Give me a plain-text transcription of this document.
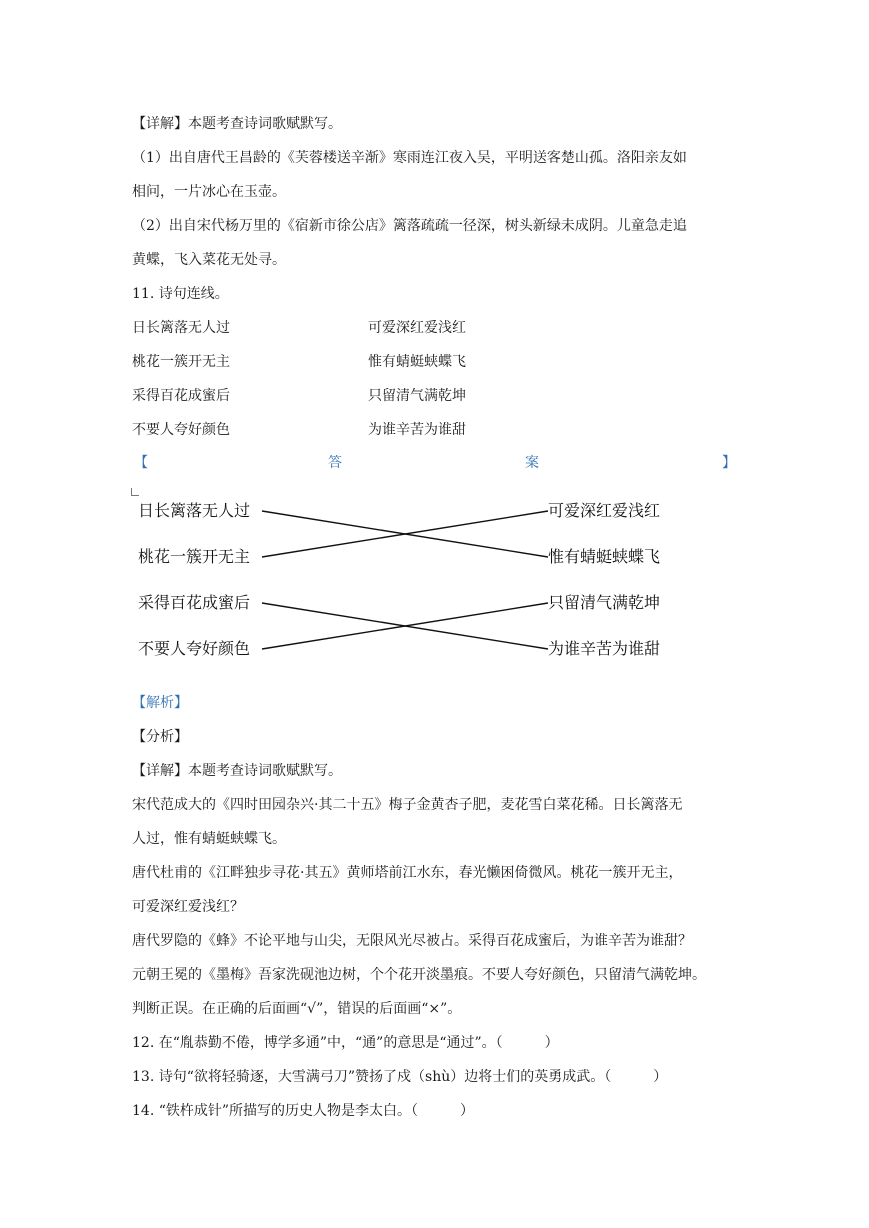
【详解】本题考查诗词歌赋默写。
（1）出自唐代王昌龄的《芙蓉楼送辛渐》寒雨连江夜入吴，平明送客楚山孤。洛阳亲友如
相问，一片冰心在玉壶。
（2）出自宋代杨万里的《宿新市徐公店》篱落疏疏一径深，树头新绿未成阴。儿童急走追
黄蝶，飞入菜花无处寻。
11. 诗句连线。
日长篱落无人过	可爱深红爱浅红
桃花一簇开无主	惟有蜻蜓蛱蝶飞
采得百花成蜜后	只留清气满乾坤
不要人夸好颜色	为谁辛苦为谁甜
【	答	案	】
日长篱落无人过
桃花一簇开无主
采得百花成蜜后
不要人夸好颜色
可爱深红爱浅红
惟有蜻蜓蛱蝶飞
只留清气满乾坤
为谁辛苦为谁甜
【解析】
【分析】
【详解】本题考查诗词歌赋默写。
宋代范成大的《四时田园杂兴·其二十五》梅子金黄杏子肥，麦花雪白菜花稀。日长篱落无
人过，惟有蜻蜓蛱蝶飞。
唐代杜甫的《江畔独步寻花·其五》黄师塔前江水东，春光懒困倚微风。桃花一簇开无主，
可爱深红爱浅红？
唐代罗隐的《蜂》不论平地与山尖，无限风光尽被占。采得百花成蜜后，为谁辛苦为谁甜？
元朝王冕的《墨梅》吾家洗砚池边树，个个花开淡墨痕。不要人夸好颜色，只留清气满乾坤。
判断正误。在正确的后面画“√”，错误的后面画“×”。
12. 在“胤恭勤不倦，博学多通”中，“通”的意思是“通过”。（　　　）
13. 诗句“欲将轻骑逐，大雪满弓刀”赞扬了戍（shù）边将士们的英勇成武。（　　　）
14. “铁杵成针”所描写的历史人物是李太白。（　　　）
